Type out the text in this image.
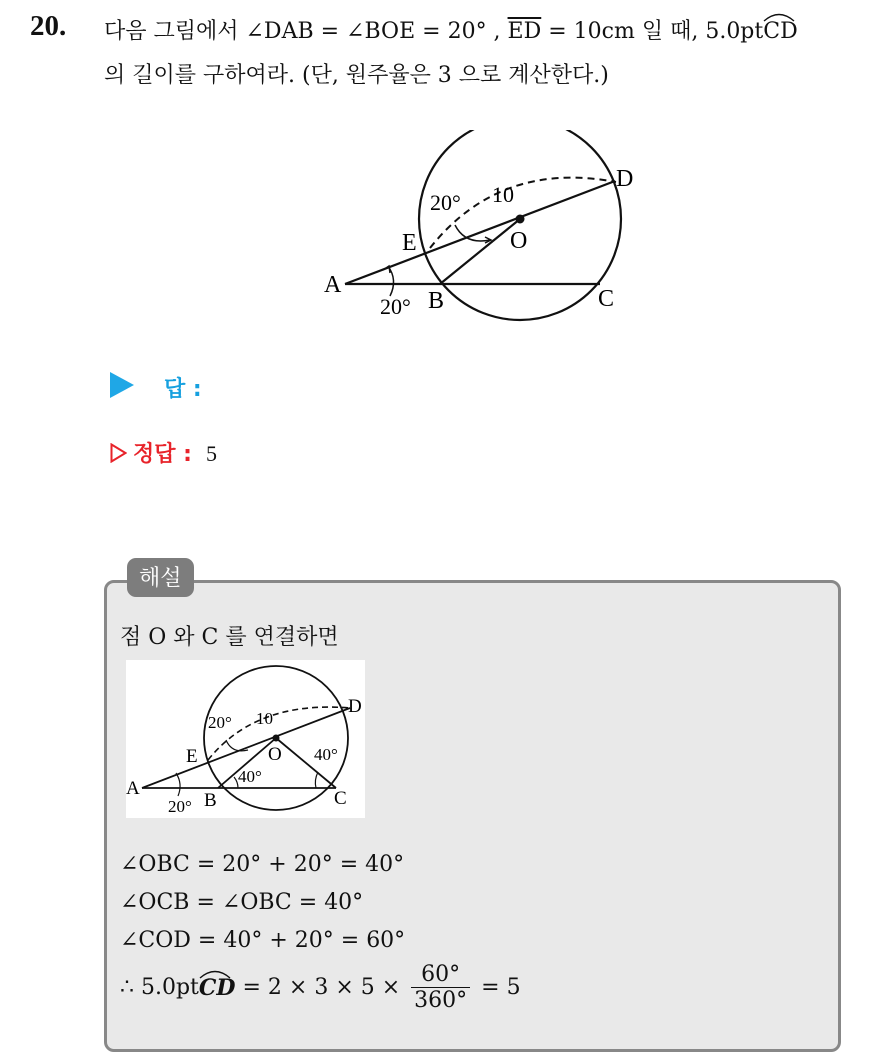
20. 다음 그림에서 ∠DAB = ∠BOE = 20° , $\overline{ED} = 10cm$ 일 때, 5.0pt
CD
의 길이를 구하여라. (단, 원주율은 3 으로 계산한다.)
A
B	C
D
E	O
20°
20°
10
답 :
정답 : 5
해설
점 O 와 C 를 연결하면
A
B	C
D
E	O
20°
20°
40°
40°
10
∠OBC = 20° + 20° = 40°
∠OCB = ∠OBC = 40°
∠COD = 40° + 20° = 60°
∴ 5.0pt
CD = $2 \times 3 \times 5 \times \frac{60^\circ}{360^\circ} = 5$
